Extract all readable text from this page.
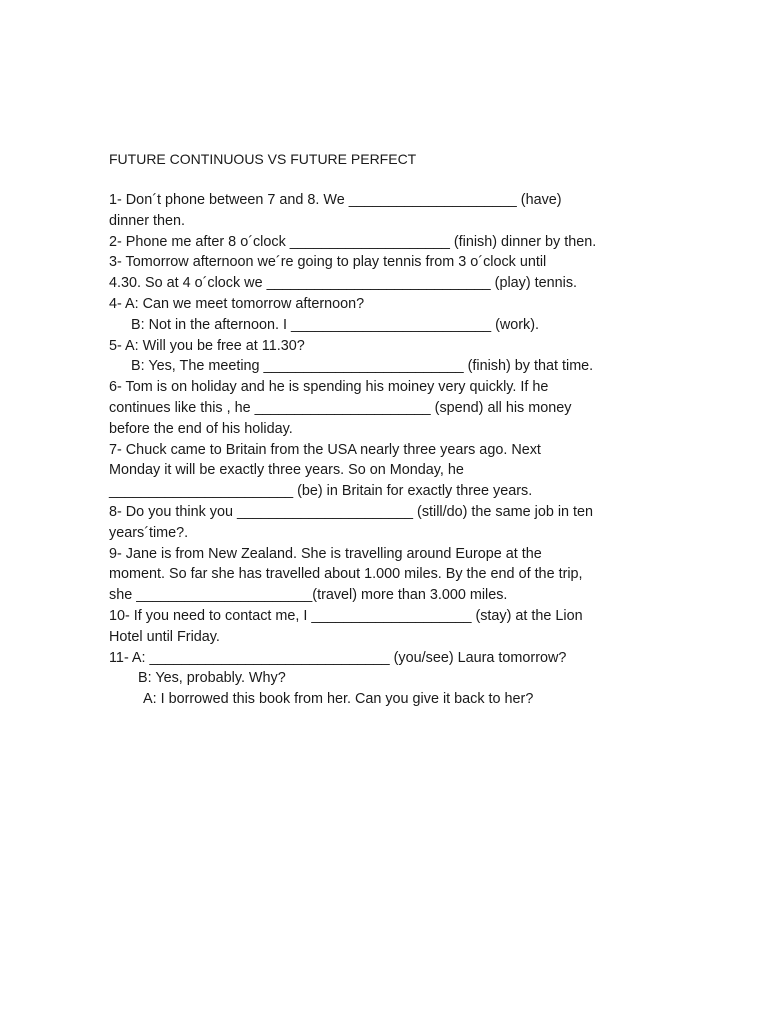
FUTURE CONTINUOUS VS FUTURE PERFECT
1- Don´t phone between 7 and 8. We _____________________ (have)
dinner then.
2- Phone me after 8 o´clock ____________________ (finish) dinner by then.
3- Tomorrow afternoon we´re going to play tennis from 3 o´clock until
4.30. So at 4 o´clock we ____________________________ (play) tennis.
4- A: Can we meet tomorrow afternoon?
B: Not in the afternoon. I _________________________ (work).
5- A: Will you be free at 11.30?
B: Yes, The meeting _________________________ (finish) by that time.
6- Tom is on holiday and he is spending his moiney very quickly. If he
continues like this , he ______________________ (spend) all his money
before the end of his holiday.
7- Chuck came to Britain from the USA nearly three years ago. Next
Monday it will be exactly three years. So on Monday, he
_______________________ (be) in Britain for exactly three years.
8- Do you think you ______________________ (still/do) the same job in ten
years´time?.
9- Jane is from New Zealand. She is travelling around Europe at the
moment. So far she has travelled about 1.000 miles. By the end of the trip,
she ______________________(travel) more than 3.000 miles.
10- If you need to contact me, I ____________________ (stay) at the Lion
Hotel until Friday.
11- A: ______________________________ (you/see) Laura tomorrow?
B: Yes, probably. Why?
A: I borrowed this book from her. Can you give it back to her?
